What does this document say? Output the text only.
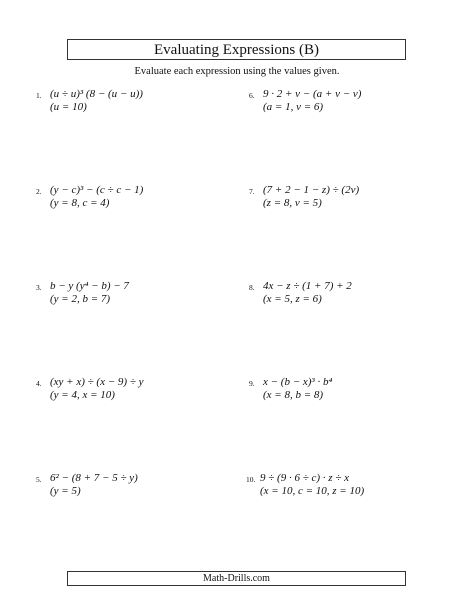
Evaluating Expressions (B)
Evaluate each expression using the values given.
1. (u ÷ u)³ (8 − (u − u))
(u = 10)
2. (y − c)³ − (c ÷ c − 1)
(y = 8, c = 4)
3. b − y (y⁴ − b) − 7
(y = 2, b = 7)
4. (xy + x) ÷ (x − 9) ÷ y
(y = 4, x = 10)
5. 6² − (8 + 7 − 5 ÷ y)
(y = 5)
6. 9 · 2 + v − (a + v − v)
(a = 1, v = 6)
7. (7 + 2 − 1 − z) ÷ (2v)
(z = 8, v = 5)
8. 4x − z ÷ (1 + 7) + 2
(x = 5, z = 6)
9. x − (b − x)³ · b⁴
(x = 8, b = 8)
10. 9 ÷ (9 · 6 ÷ c) · z ÷ x
(x = 10, c = 10, z = 10)
Math-Drills.com
